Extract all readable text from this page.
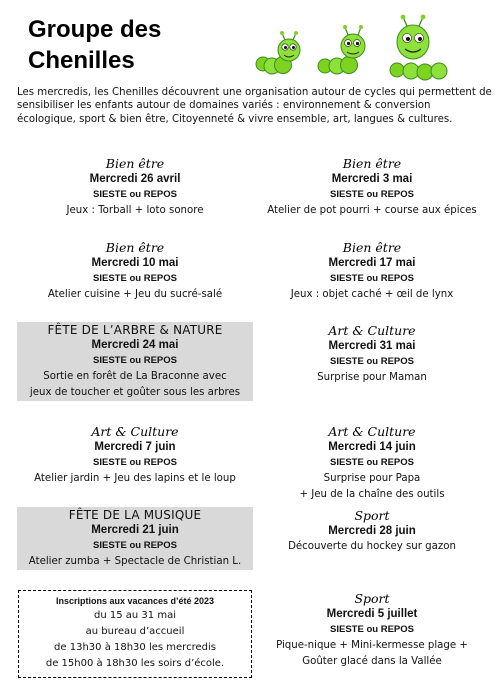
Groupe des
Chenilles
Les mercredis, les Chenilles découvrent une organisation autour de cycles qui permettent de sensibiliser les enfants autour de domaines variés : environnement & conversion écologique, sport & bien être, Citoyenneté & vivre ensemble, art, langues & cultures.
Bien être
Mercredi 26 avril
SIESTE ou REPOS
Jeux : Torball + loto sonore
Bien être
Mercredi 10 mai
SIESTE ou REPOS
Atelier cuisine + Jeu du sucré-salé
FÊTE DE L’ARBRE & NATURE
Mercredi 24 mai
SIESTE ou REPOS
Sortie en forêt de La Braconne avec
jeux de toucher et goûter sous les arbres
Art & Culture
Mercredi 7 juin
SIESTE ou REPOS
Atelier jardin + Jeu des lapins et le loup
FÊTE DE LA MUSIQUE
Mercredi 21 juin
SIESTE ou REPOS
Atelier zumba + Spectacle de Christian L.
Inscriptions aux vacances d’été 2023
du 15 au 31 mai
au bureau d’accueil
de 13h30 à 18h30 les mercredis
de 15h00 à 18h30 les soirs d’école.
Bien être
Mercredi 3 mai
SIESTE ou REPOS
Atelier de pot pourri + course aux épices
Bien être
Mercredi 17 mai
SIESTE ou REPOS
Jeux : objet caché + œil de lynx
Art & Culture
Mercredi 31 mai
SIESTE ou REPOS
Surprise pour Maman
Art & Culture
Mercredi 14 juin
SIESTE ou REPOS
Surprise pour Papa
+ Jeu de la chaîne des outils
Sport
Mercredi 28 juin
Découverte du hockey sur gazon
Sport
Mercredi 5 juillet
SIESTE ou REPOS
Pique-nique + Mini-kermesse plage +
Goûter glacé dans la Vallée
